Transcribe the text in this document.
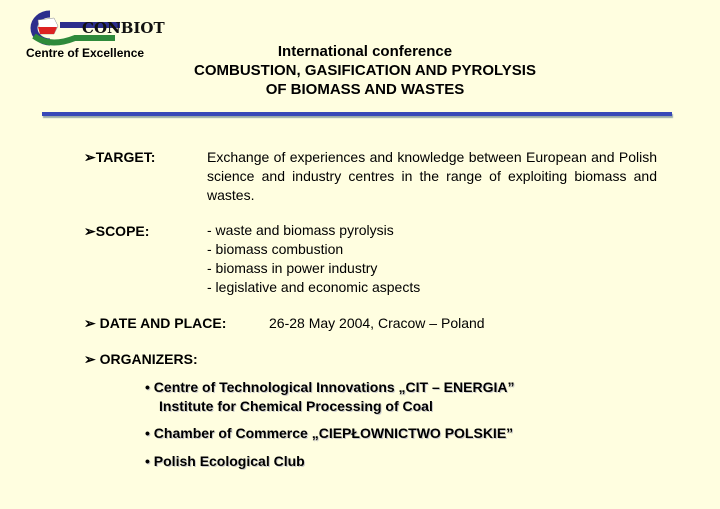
CONBIOT
Centre of Excellence	International conference
COMBUSTION, GASIFICATION AND PYROLYSIS
OF BIOMASS AND WASTES
➢TARGET:	Exchange of experiences and knowledge between European and Polish science and industry centres in the range of exploiting biomass and wastes.
➢SCOPE:	- waste and biomass pyrolysis
- biomass combustion
- biomass in power industry
- legislative and economic aspects
➢ DATE AND PLACE:	26-28 May 2004, Cracow – Poland
➢ ORGANIZERS:
• Centre of Technological Innovations „CIT – ENERGIA”
Institute for Chemical Processing of Coal
• Chamber of Commerce „CIEPŁOWNICTWO POLSKIE”
• Polish Ecological Club
